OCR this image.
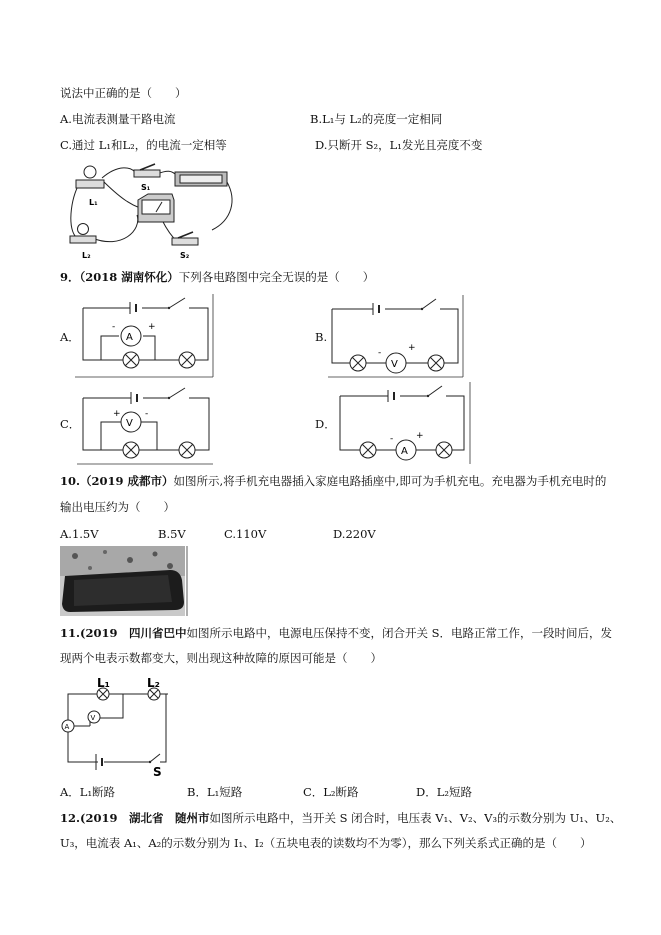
说法中正确的是（　　）
A.电流表测量干路电流	B.L₁与 L₂的亮度一定相同
C.通过 L₁和L₂，的电流一定相等	D.只断开 S₂，L₁发光且亮度不变
L₁
S₁
L₂	S₂
9．（2018 湖南怀化）下列各电路图中完全无误的是（　　）
A．	A
-	+
B.
V
-	+
C．	V
+	-
D．
A
-	+
10.（2019 成都市）如图所示,将手机充电器插入家庭电路插座中,即可为手机充电。充电器为手机充电时的
输出电压约为（　　）
A.1.5V	B.5V	C.110V	D.220V
11.(2019　四川省巴中如图所示电路中，电源电压保持不变，闭合开关 S．电路正常工作，一段时间后，发
现两个电表示数都变大，则出现这种故障的原因可能是（　　）
V
A
L₁	L₂
S
A．L₁断路	B．L₁短路	C．L₂断路	D．L₂短路
12.(2019　湖北省　随州市如图所示电路中，当开关 S 闭合时，电压表 V₁、V₂、V₃的示数分别为 U₁、U₂、
U₃，电流表 A₁、A₂的示数分别为 I₁、I₂（五块电表的读数均不为零），那么下列关系式正确的是（　　）
